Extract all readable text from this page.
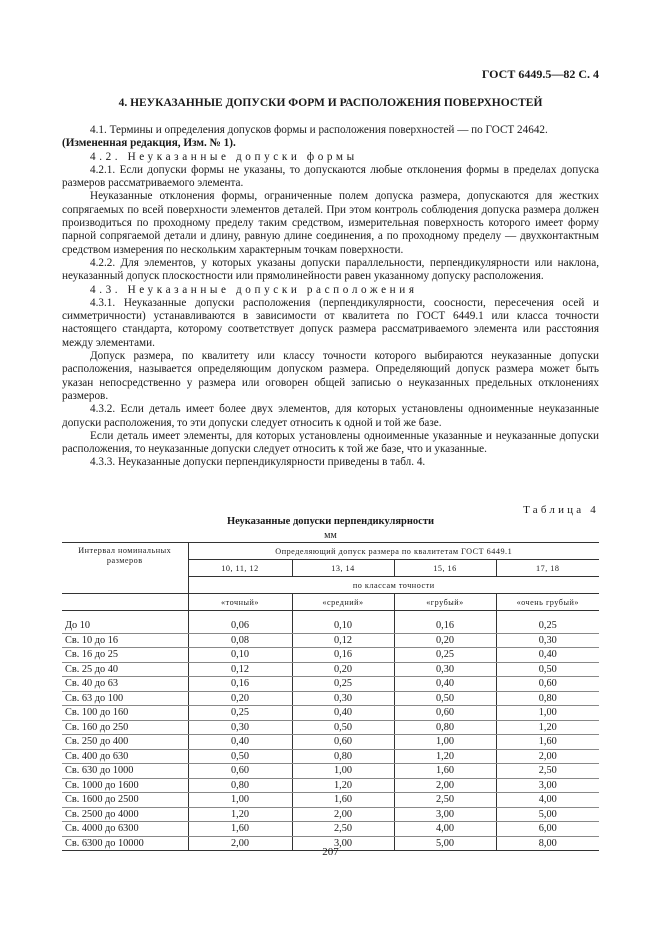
ГОСТ 6449.5—82 С. 4
4. НЕУКАЗАННЫЕ ДОПУСКИ ФОРМ И РАСПОЛОЖЕНИЯ ПОВЕРХНОСТЕЙ

4.1. Термины и определения допусков формы и расположения поверхностей — по ГОСТ 24642.

(Измененная редакция, Изм. № 1).

4.2. Неуказанные допуски формы

4.2.1. Если допуски формы не указаны, то допускаются любые отклонения формы в пределах допуска размеров рассматриваемого элемента.

Неуказанные отклонения формы, ограниченные полем допуска размера, допускаются для жестких сопрягаемых по всей поверхности элементов деталей. При этом контроль соблюдения допуска размера должен производиться по проходному пределу таким средством, измерительная поверхность которого имеет форму парной сопрягаемой детали и длину, равную длине соединения, а по проходному пределу — двухконтактным средством измерения по нескольким характерным точкам поверхности.

4.2.2. Для элементов, у которых указаны допуски параллельности, перпендикулярности или наклона, неуказанный допуск плоскостности или прямолинейности равен указанному допуску расположения.

4.3. Неуказанные допуски расположения

4.3.1. Неуказанные допуски расположения (перпендикулярности, соосности, пересечения осей и симметричности) устанавливаются в зависимости от квалитета по ГОСТ 6449.1 или класса точности настоящего стандарта, которому соответствует допуск размера рассматриваемого элемента или расстояния между элементами.

Допуск размера, по квалитету или классу точности которого выбираются неуказанные допуски расположения, называется определяющим допуском размера. Определяющий допуск размера может быть указан непосредственно у размера или оговорен общей записью о неуказанных предельных отклонениях размеров.

4.3.2. Если деталь имеет более двух элементов, для которых установлены одноименные неуказанные допуски расположения, то эти допуски следует относить к одной и той же базе.

Если деталь имеет элементы, для которых установлены одноименные указанные и неуказанные допуски расположения, то неуказанные допуски следует относить к той же базе, что и указанные.

4.3.3. Неуказанные допуски перпендикулярности приведены в табл. 4.

Таблица 4
Неуказанные допуски перпендикулярности
мм
Интервал номинальных размеров	Определяющий допуск размера по квалитетам ГОСТ 6449.1			
	10, 11, 12	13, 14	15, 16	17, 18
	по классам точности			
	«точный»	«средний»	«грубый»	«очень грубый»

До 10	0,06	0,10	0,16	0,25
Св. 10 до 16	0,08	0,12	0,20	0,30
Св. 16 до 25	0,10	0,16	0,25	0,40
Св. 25 до 40	0,12	0,20	0,30	0,50
Св. 40 до 63	0,16	0,25	0,40	0,60
Св. 63 до 100	0,20	0,30	0,50	0,80
Св. 100 до 160	0,25	0,40	0,60	1,00
Св. 160 до 250	0,30	0,50	0,80	1,20
Св. 250 до 400	0,40	0,60	1,00	1,60
Св. 400 до 630	0,50	0,80	1,20	2,00
Св. 630 до 1000	0,60	1,00	1,60	2,50
Св. 1000 до 1600	0,80	1,20	2,00	3,00
Св. 1600 до 2500	1,00	1,60	2,50	4,00
Св. 2500 до 4000	1,20	2,00	3,00	5,00
Св. 4000 до 6300	1,60	2,50	4,00	6,00
Св. 6300 до 10000	2,00	3,00	5,00	8,00
207
